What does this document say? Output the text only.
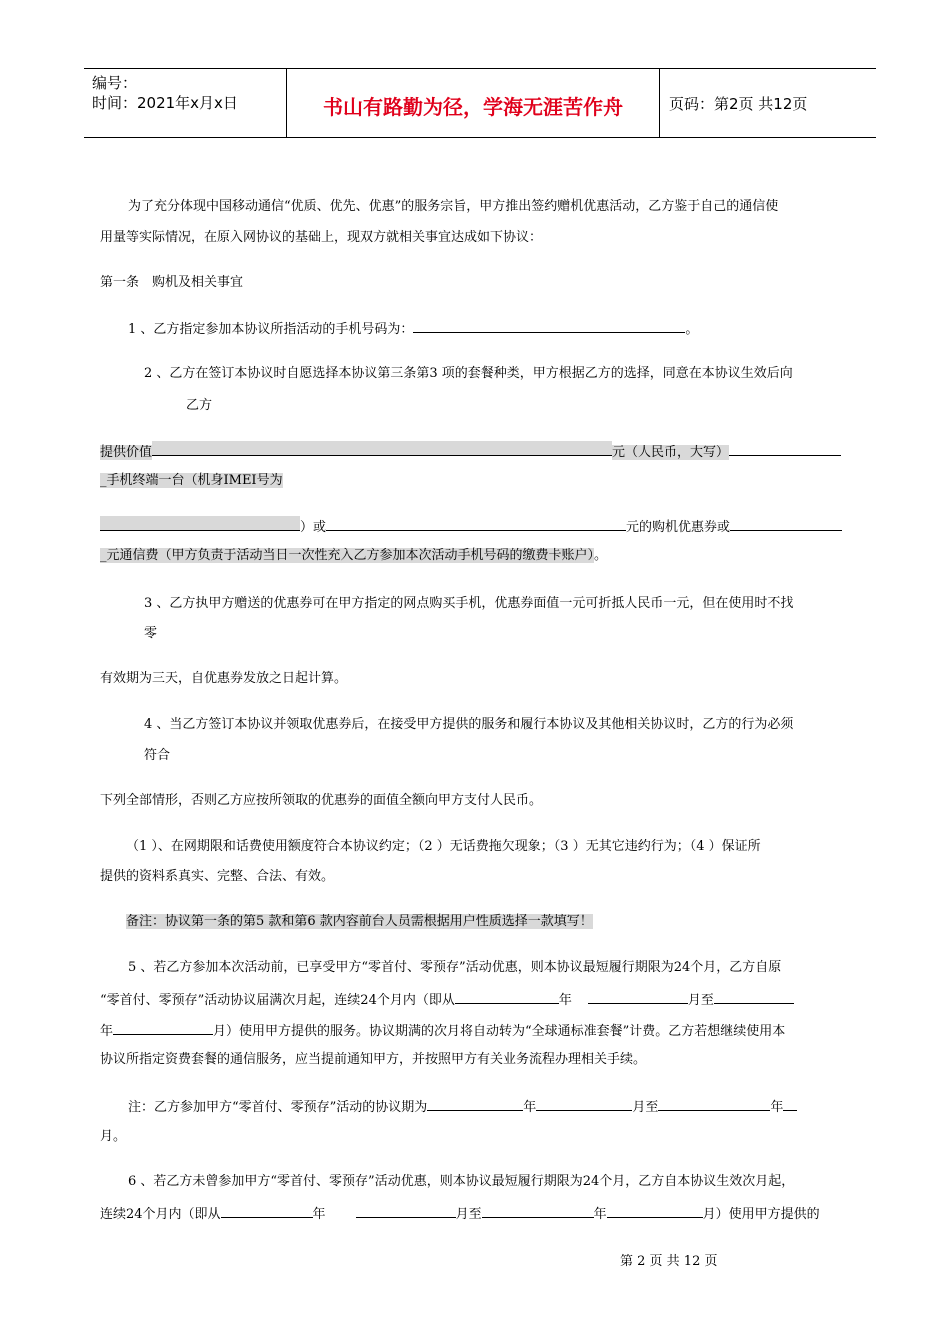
编号：
时间：2021年x月x日	书山有路勤为径，学海无涯苦作舟	页码：第2页 共12页
为了充分体现中国移动通信“优质、优先、优惠”的服务宗旨，甲方推出签约赠机优惠活动，乙方鉴于自己的通信使
用量等实际情况，在原入网协议的基础上，现双方就相关事宜达成如下协议：
第一条　购机及相关事宜
1 、乙方指定参加本协议所指活动的手机号码为：	。
2 、乙方在签订本协议时自愿选择本协议第三条第3 项的套餐种类，甲方根据乙方的选择，同意在本协议生效后向
乙方
提供价值	元（人民币，大写）
_手机终端一台（机身IMEI号为
）或	元的购机优惠券或
_元通信费（甲方负责于活动当日一次性充入乙方参加本次活动手机号码的缴费卡账户）。
3 、乙方执甲方赠送的优惠券可在甲方指定的网点购买手机，优惠券面值一元可折抵人民币一元，但在使用时不找
零
有效期为三天，自优惠券发放之日起计算。
4 、当乙方签订本协议并领取优惠券后，在接受甲方提供的服务和履行本协议及其他相关协议时，乙方的行为必须
符合
下列全部情形，否则乙方应按所领取的优惠券的面值全额向甲方支付人民币。
（1 ）、在网期限和话费使用额度符合本协议约定；（2 ）无话费拖欠现象；（3 ）无其它违约行为；（4 ）保证所
提供的资料系真实、完整、合法、有效。
备注：协议第一条的第5 款和第6 款内容前台人员需根据用户性质选择一款填写！
5 、若乙方参加本次活动前，已享受甲方“零首付、零预存”活动优惠，则本协议最短履行期限为24个月，乙方自原
“零首付、零预存”活动协议届满次月起，连续24个月内（即从	年	月至
年	月）使用甲方提供的服务。协议期满的次月将自动转为“全球通标准套餐”计费。乙方若想继续使用本
协议所指定资费套餐的通信服务，应当提前通知甲方，并按照甲方有关业务流程办理相关手续。
注：乙方参加甲方“零首付、零预存”活动的协议期为	年	月至	年
月。
6 、若乙方未曾参加甲方“零首付、零预存”活动优惠，则本协议最短履行期限为24个月，乙方自本协议生效次月起，
连续24个月内（即从	年	月至	年	月）使用甲方提供的
第 2 页 共 12 页
